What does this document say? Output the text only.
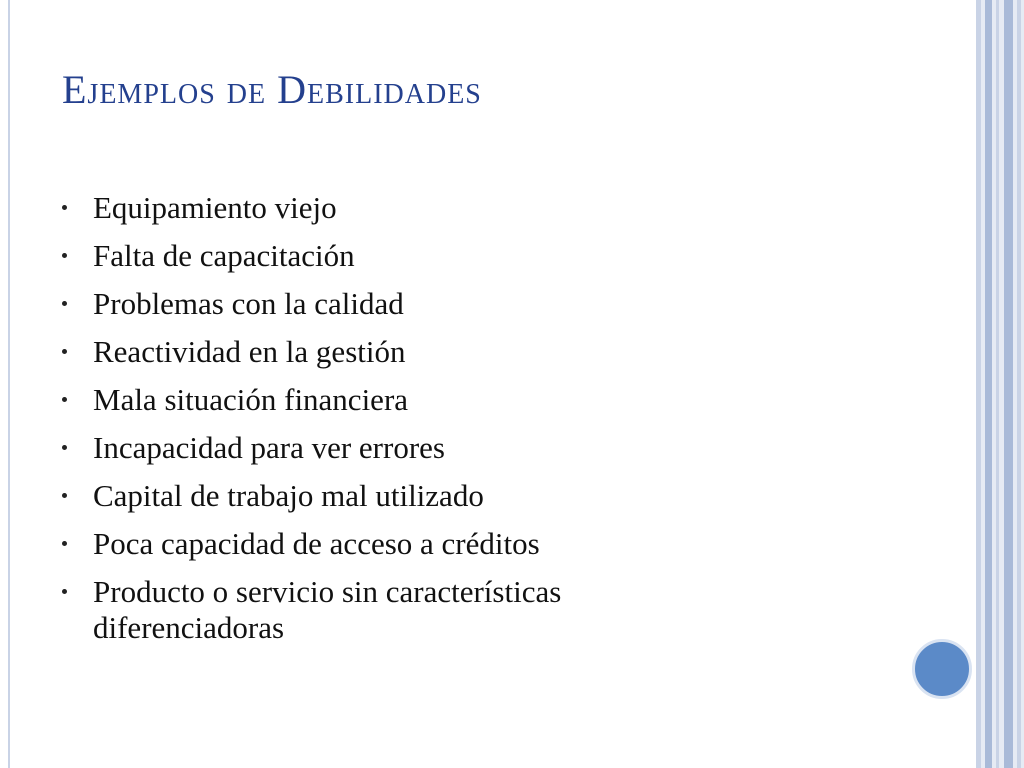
Ejemplos de Debilidades
Equipamiento viejo
Falta de capacitación
Problemas con la calidad
Reactividad en la gestión
Mala situación financiera
Incapacidad para ver errores
Capital de trabajo mal utilizado
Poca capacidad de acceso a créditos
Producto o servicio sin características diferenciadoras
